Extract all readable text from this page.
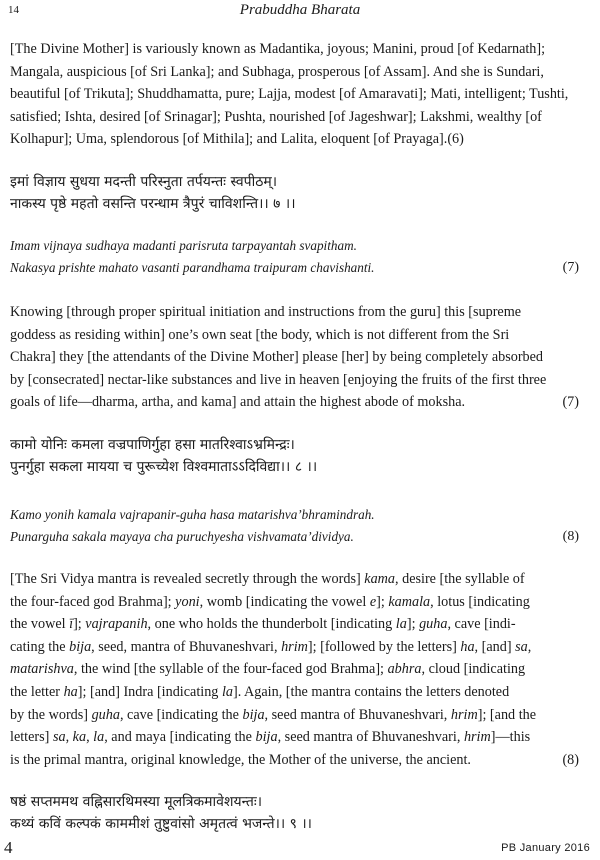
14	Prabuddha Bharata

[The Divine Mother] is variously known as Madantika, joyous; Manini, proud [of Kedarnath]; Mangala, auspicious [of Sri Lanka]; and Subhaga, prosperous [of Assam]. And she is Sundari, beautiful [of Trikuta]; Shuddhamatta, pure; Lajja, modest [of Amaravati]; Mati, intelligent; Tushti, satisfied; Ishta, desired [of Srinagar]; Pushta, nourished [of Jageshwar]; Lakshmi, wealthy [of Kolhapur]; Uma, splendorous [of Mithila]; and Lalita, eloquent [of Prayaga].(6)

इमां विज्ञाय सुधया मदन्ती परिस्नुता तर्पयन्तः स्वपीठम्।

नाकस्य पृष्ठे महतो वसन्ति परन्धाम त्रैपुरं चाविशन्ति।। ७ ।।

Imam vijnaya sudhaya madanti parisruta tarpayantah svapitham.
Nakasya prishte mahato vasanti parandhama traipuram chavishanti.	(7)
Knowing [through proper spiritual initiation and instructions from the guru] this [supreme
goddess as residing within] one’s own seat [the body, which is not different from the Sri
Chakra] they [the attendants of the Divine Mother] please [her] by being completely absorbed
by [consecrated] nectar-like substances and live in heaven [enjoying the fruits of the first three
goals of life—dharma, artha, and kama] and attain the highest abode of moksha.	(7)

कामो योनिः कमला वज्रपाणिर्गुहा हसा मातरिश्वाऽभ्रमिन्द्रः।

पुनर्गुहा सकला मायया च पुरूच्येश विश्वमाताऽऽदिविद्या।। ८ ।।

Kamo yonih kamala vajrapanir-guha hasa matarishva’bhramindrah.
Punarguha sakala mayaya cha puruchyesha vishvamata’dividya.	(8)
[The Sri Vidya mantra is revealed secretly through the words] kama, desire [the syllable of
the four-faced god Brahma]; yoni, womb [indicating the vowel e]; kamala, lotus [indicating
the vowel ī]; vajrapanih, one who holds the thunderbolt [indicating la]; guha, cave [indi-
cating the bija, seed, mantra of Bhuvaneshvari, hrim]; [followed by the letters] ha, [and] sa,
matarishva, the wind [the syllable of the four-faced god Brahma]; abhra, cloud [indicating
the letter ha]; [and] Indra [indicating la]. Again, [the mantra contains the letters denoted
by the words] guha, cave [indicating the bija, seed mantra of Bhuvaneshvari, hrim]; [and the
letters] sa, ka, la, and maya [indicating the bija, seed mantra of Bhuvaneshvari, hrim]—this
is the primal mantra, original knowledge, the Mother of the universe, the ancient.	(8)

षष्ठं सप्तममथ वह्निसारथिमस्या मूलत्रिकमावेशयन्तः।

कथ्यं कविं कल्पकं काममीशं तुष्टुवांसो अमृतत्वं भजन्ते।। ९ ।।

4	PB January 2016
